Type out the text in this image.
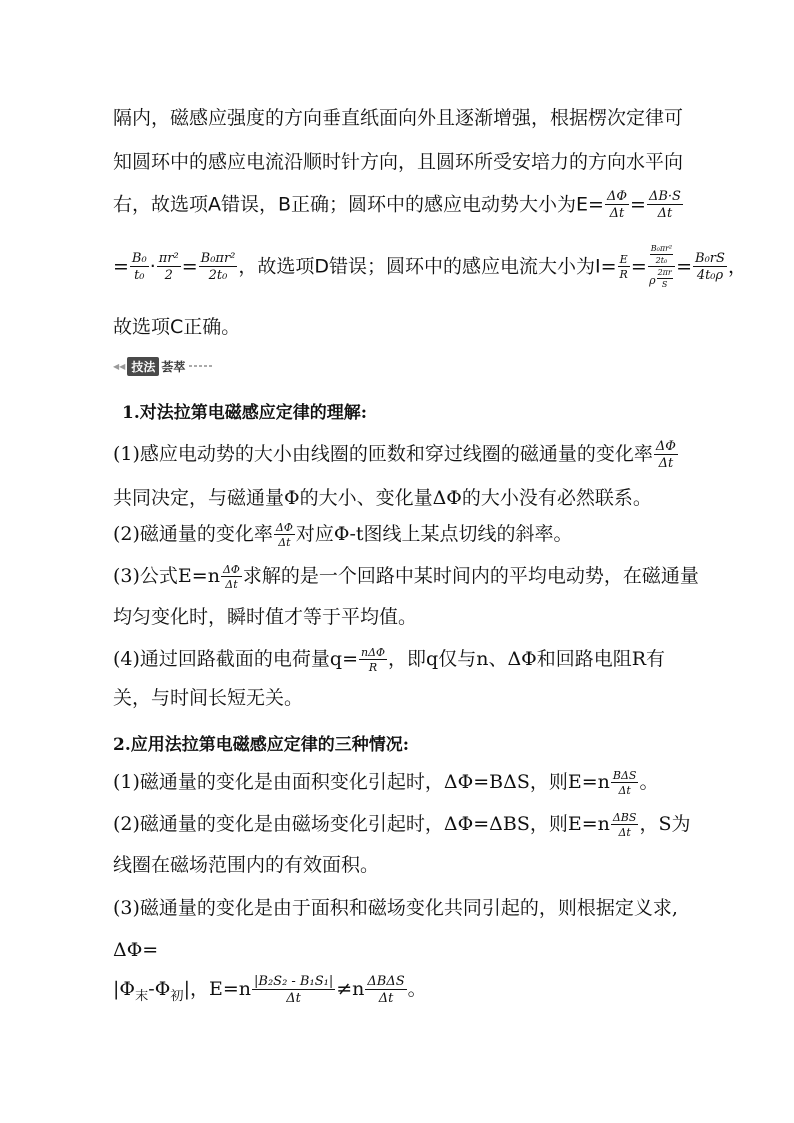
隔内，磁感应强度的方向垂直纸面向外且逐渐增强，根据楞次定律可
知圆环中的感应电流沿顺时针方向，且圆环所受安培力的方向水平向
右，故选项A错误，B正确；圆环中的感应电动势大小为$E= \frac{\Delta\Phi}{\Delta t} = \frac{\Delta B\cdot S}{\Delta t}$
= $\frac{\text{B₀}}{\text{t₀}} \cdot \frac{\text{πr²}}{2} = \frac{\text{B₀πr²}}{\text{2t₀}}$ ，故选项D错误；圆环中的感应电流大小为$I= \frac{E}{R} = \frac{\frac{\text{B₀πr²}}{\text{2t₀}}}{\rho \frac{2\pi r}{S}} = \frac{\text{B₀rS}}{\text{4t₀ρ}}$ ，
故选项C正确。
◀◀ 技法 荟萃
1.对法拉第电磁感应定律的理解:
(1)感应电动势的大小由线圈的匝数和穿过线圈的磁通量的变化率 $\frac{\Delta\Phi}{\Delta t}$
共同决定，与磁通量Φ的大小、变化量ΔΦ的大小没有必然联系。
(2)磁通量的变化率 $\frac{\Delta\Phi}{\Delta t}$ 对应Φ-t图线上某点切线的斜率。
(3)公式$E=n \frac{\Delta\Phi}{\Delta t}$ 求解的是一个回路中某时间内的平均电动势，在磁通量
均匀变化时，瞬时值才等于平均值。
(4)通过回路截面的电荷量$q= \frac{\text{nΔΦ}}{R}$ ，即q仅与n、ΔΦ和回路电阻R有
关，与时间长短无关。
2.应用法拉第电磁感应定律的三种情况:
(1)磁通量的变化是由面积变化引起时，ΔΦ=BΔS，则$E=n \frac{\text{BΔS}}{\Delta t}$ 。
(2)磁通量的变化是由磁场变化引起时，ΔΦ=ΔBS，则$E=n \frac{\text{ΔBS}}{\Delta t}$ ，S为
线圈在磁场范围内的有效面积。
(3)磁通量的变化是由于面积和磁场变化共同引起的，则根据定义求,
ΔΦ=
$|\Phi_末-\Phi_初|$，$E=n \frac{\text{|B₂S₂ - B₁S₁|}}{\Delta t} \ne n \frac{\text{ΔBΔS}}{\Delta t}$ 。
